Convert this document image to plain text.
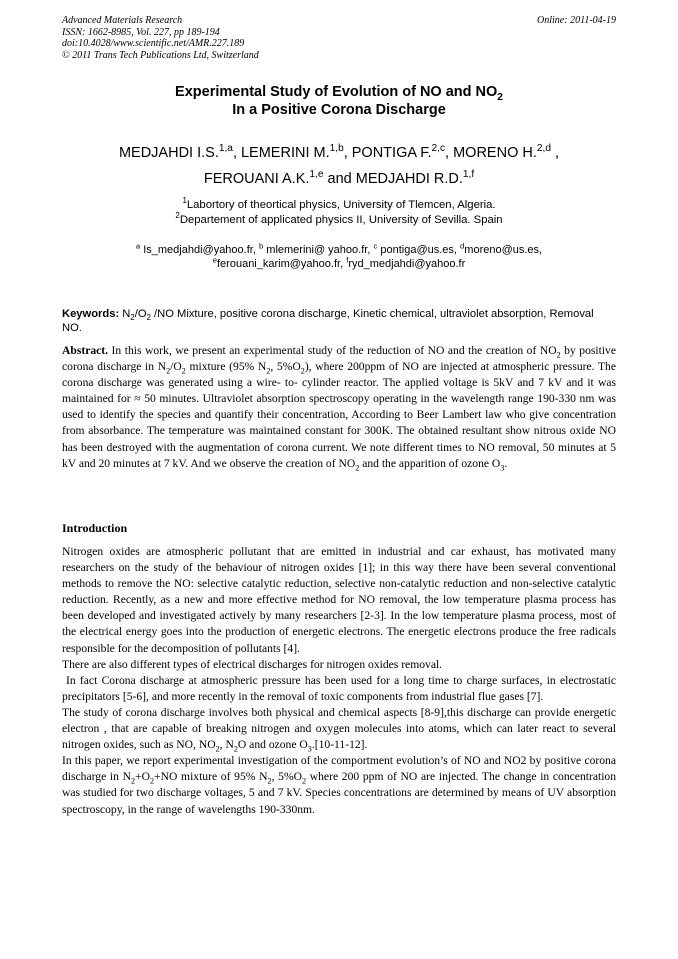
Advanced Materials Research
ISSN: 1662-8985, Vol. 227, pp 189-194
doi:10.4028/www.scientific.net/AMR.227.189
© 2011 Trans Tech Publications Ltd, Switzerland
Online: 2011-04-19
Experimental Study of Evolution of NO and $NO_2$
In a Positive Corona Discharge
MEDJAHDI I.S.$^{1,a}$, LEMERINI M.$^{1,b}$, PONTIGA F.$^{2,c}$, MORENO H.$^{2,d}$ ,
FEROUANI A.K.$^{1,e}$ and MEDJAHDI R.D.$^{1,f}$
$^1$Labortory of theortical physics, University of Tlemcen, Algeria.
$^2$Departement of applicated physics II, University of Sevilla. Spain
$^a$ Is_medjahdi@yahoo.fr, $^b$ mlemerini@ yahoo.fr, $^c$ pontiga@us.es, $^d$moreno@us.es,
$^e$ferouani_karim@yahoo.fr, $^f$ryd_medjahdi@yahoo.fr
Keywords: $N_2/O_2$ /NO Mixture, positive corona discharge, Kinetic chemical, ultraviolet absorption, Removal NO.

Abstract. In this work, we present an experimental study of the reduction of NO and the creation of $NO_2$ by positive corona discharge in $N_2/O_2$ mixture (95% $N_2$, $5\%O_2$), where 200ppm of NO are injected at atmospheric pressure. The corona discharge was generated using a wire- to- cylinder reactor. The applied voltage is 5kV and 7 kV and it was maintained for ≈ 50 minutes. Ultraviolet absorption spectroscopy operating in the wavelength range 190-330 nm was used to identify the species and quantify their concentration, According to Beer Lambert law who give concentration from absorbance. The temperature was maintained constant for 300K. The obtained resultant show nitrous oxide NO has been destroyed with the augmentation of corona current. We note different times to NO removal, 50 minutes at 5 kV and 20 minutes at 7 kV. And we observe the creation of $NO_2$ and the apparition of ozone $O_3$.

Introduction

Nitrogen oxides are atmospheric pollutant that are emitted in industrial and car exhaust, has motivated many researchers on the study of the behaviour of nitrogen oxides [1]; in this way there have been several conventional methods to remove the NO: selective catalytic reduction, selective non-catalytic reduction and non-selective catalytic reduction. Recently, as a new and more effective method for NO removal, the low temperature plasma process has been developed and investigated actively by many researchers [2-3]. In the low temperature plasma process, most of the electrical energy goes into the production of energetic electrons. The energetic electrons produce the free radicals responsible for the decomposition of pollutants [4].

There are also different types of electrical discharges for nitrogen oxides removal.

In fact Corona discharge at atmospheric pressure has been used for a long time to charge surfaces, in electrostatic precipitators [5-6], and more recently in the removal of toxic components from industrial flue gases [7].

The study of corona discharge involves both physical and chemical aspects [8-9],this discharge can provide energetic electron , that are capable of breaking nitrogen and oxygen molecules into atoms, which can later react to several nitrogen oxides, such as NO, $NO_2$, $N_2O$ and ozone $O_3.[10-11-12]$.

In this paper, we report experimental investigation of the comportment evolution’s of NO and NO2 by positive corona discharge in $N_2+O_2+NO$ mixture of 95% $N_2$, $5\%O_2$ where 200 ppm of NO are injected. The change in concentration was studied for two discharge voltages, 5 and 7 kV. Species concentrations are determined by means of UV absorption spectroscopy, in the range of wavelengths 190-330nm.
